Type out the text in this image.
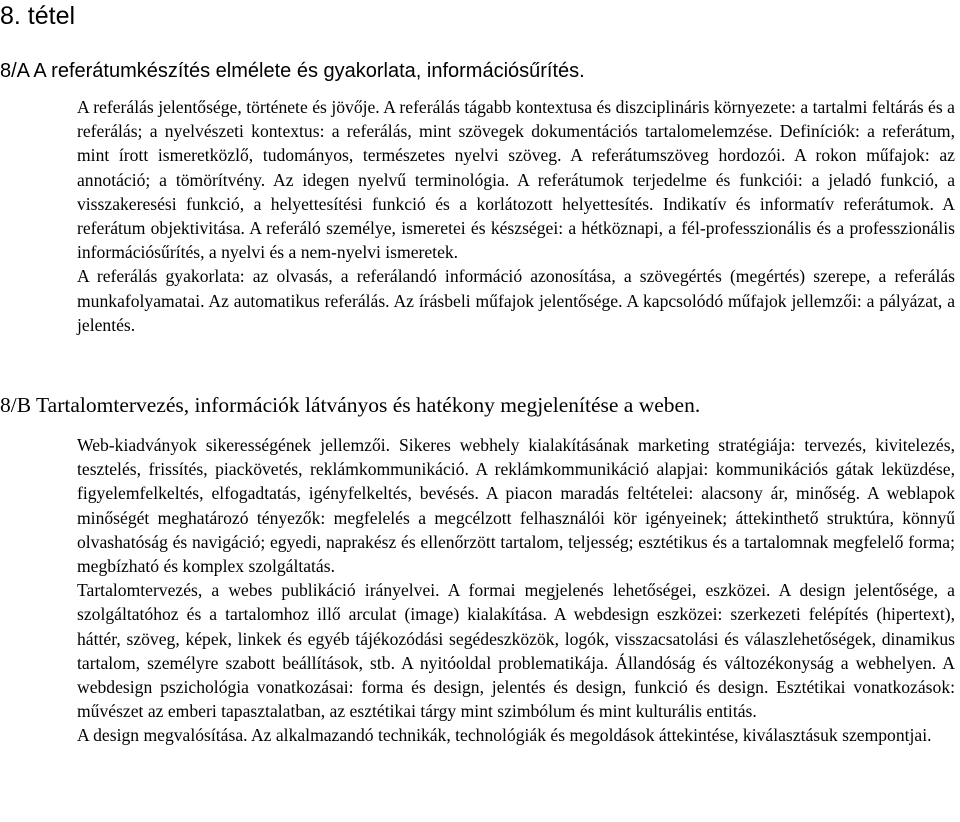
8. tétel
8/A A referátumkészítés elmélete és gyakorlata, információsűrítés.

A referálás jelentősége, története és jövője. A referálás tágabb kontextusa és diszciplináris környezete: a tartalmi feltárás és a referálás; a nyelvészeti kontextus: a referálás, mint szövegek dokumentációs tartalomelemzése. Definíciók: a referátum, mint írott ismeretközlő, tudományos, természetes nyelvi szöveg. A referátumszöveg hordozói. A rokon műfajok: az annotáció; a tömörítvény. Az idegen nyelvű terminológia. A referátumok terjedelme és funkciói: a jeladó funkció, a visszakeresési funkció, a helyettesítési funkció és a korlátozott helyettesítés. Indikatív és informatív referátumok. A referátum objektivitása. A referáló személye, ismeretei és készségei: a hétköznapi, a fél-professzionális és a professzionális információsűrítés, a nyelvi és a nem-nyelvi ismeretek.

A referálás gyakorlata: az olvasás, a referálandó információ azonosítása, a szövegértés (megértés) szerepe, a referálás munkafolyamatai. Az automatikus referálás. Az írásbeli műfajok jelentősége. A kapcsolódó műfajok jellemzői: a pályázat, a jelentés.

8/B Tartalomtervezés, információk látványos és hatékony megjelenítése a weben.

Web-kiadványok sikerességének jellemzői. Sikeres webhely kialakításának marketing stratégiája: tervezés, kivitelezés, tesztelés, frissítés, piackövetés, reklámkommunikáció. A reklámkommunikáció alapjai: kommunikációs gátak leküzdése, figyelemfelkeltés, elfogadtatás, igényfelkeltés, bevésés. A piacon maradás feltételei: alacsony ár, minőség. A weblapok minőségét meghatározó tényezők: megfelelés a megcélzott felhasználói kör igényeinek; áttekinthető struktúra, könnyű olvashatóság és navigáció; egyedi, naprakész és ellenőrzött tartalom, teljesség; esztétikus és a tartalomnak megfelelő forma; megbízható és komplex szolgáltatás.

Tartalomtervezés, a webes publikáció irányelvei. A formai megjelenés lehetőségei, eszközei. A design jelentősége, a szolgáltatóhoz és a tartalomhoz illő arculat (image) kialakítása. A webdesign eszközei: szerkezeti felépítés (hipertext), háttér, szöveg, képek, linkek és egyéb tájékozódási segédeszközök, logók, visszacsatolási és válaszlehetőségek, dinamikus tartalom, személyre szabott beállítások, stb. A nyitóoldal problematikája. Állandóság és változékonyság a webhelyen. A webdesign pszichológia vonatkozásai: forma és design, jelentés és design, funkció és design. Esztétikai vonatkozások: művészet az emberi tapasztalatban, az esztétikai tárgy mint szimbólum és mint kulturális entitás.

A design megvalósítása. Az alkalmazandó technikák, technológiák és megoldások áttekintése, kiválasztásuk szempontjai.
